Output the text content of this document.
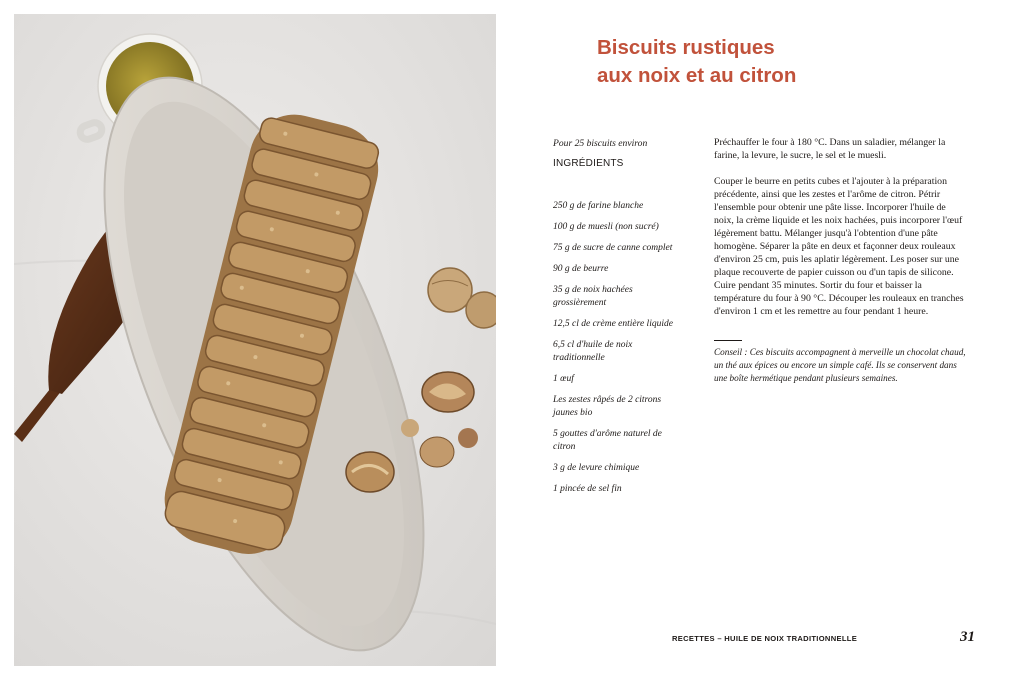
Biscuits rustiques
aux noix et au citron
Pour 25 biscuits environ
INGRÉDIENTS
250 g de farine blanche
100 g de muesli (non sucré)
75 g de sucre de canne complet
90 g de beurre
35 g de noix hachées grossièrement
12,5 cl de crème entière liquide
6,5 cl d'huile de noix traditionnelle
1 œuf
Les zestes râpés de 2 citrons jaunes bio
5 gouttes d'arôme naturel de citron
3 g de levure chimique
1 pincée de sel fin

Préchauffer le four à 180 °C. Dans un saladier, mélanger la farine, la levure, le sucre, le sel et le muesli.

Couper le beurre en petits cubes et l'ajouter à la préparation précédente, ainsi que les zestes et l'arôme de citron. Pétrir l'ensemble pour obtenir une pâte lisse. Incorporer l'huile de noix, la crème liquide et les noix hachées, puis incorporer l'œuf légèrement battu. Mélanger jusqu'à l'obtention d'une pâte homogène. Séparer la pâte en deux et façonner deux rouleaux d'environ 25 cm, puis les aplatir légèrement. Les poser sur une plaque recouverte de papier cuisson ou d'un tapis de silicone. Cuire pendant 35 minutes. Sortir du four et baisser la température du four à 90 °C. Découper les rouleaux en tranches d'environ 1 cm et les remettre au four pendant 1 heure.

Conseil : Ces biscuits accompagnent à merveille un chocolat chaud, un thé aux épices ou encore un simple café. Ils se conservent dans une boîte hermétique pendant plusieurs semaines.
RECETTES – HUILE DE NOIX TRADITIONNELLE	31
